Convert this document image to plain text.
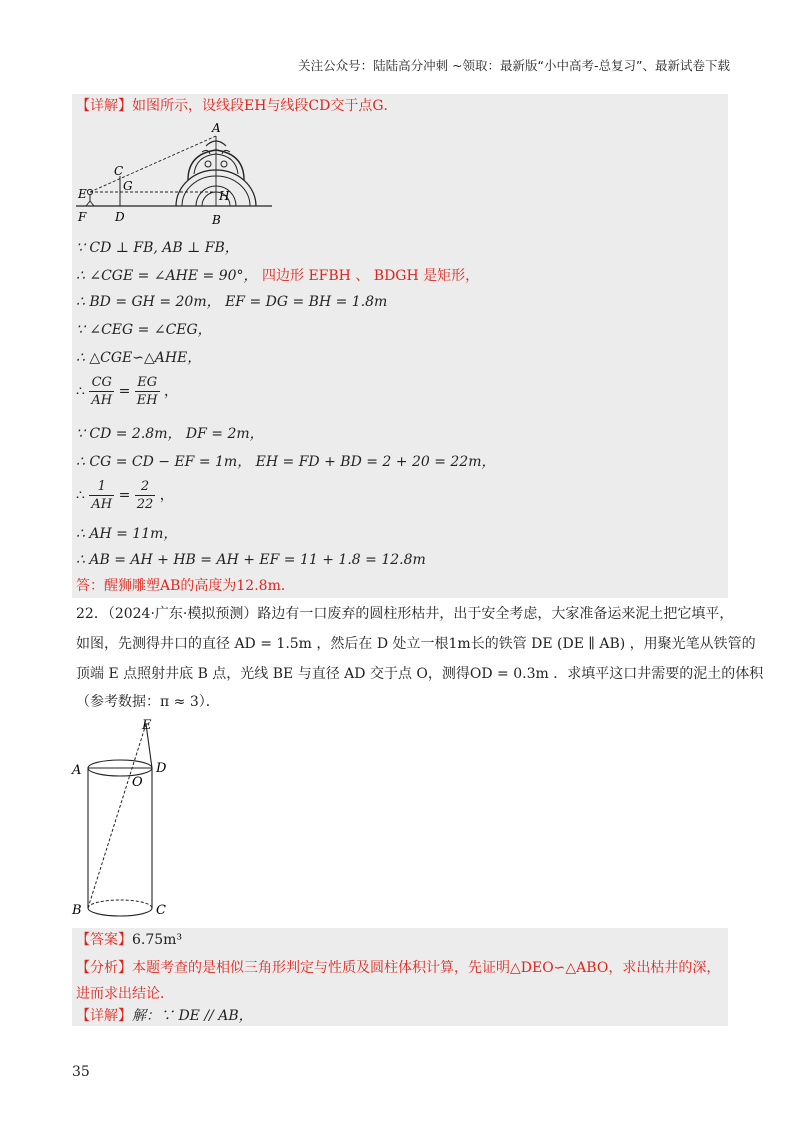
关注公众号：陆陆高分冲刺 ~领取：最新版“小中高考-总复习”、最新试卷下载
【详解】如图所示，设线段EH与线段CD交于点G．
A
C
G
E	H
F D	B
∵ CD ⊥ FB, AB ⊥ FB，
∴ ∠CGE = ∠AHE = 90°， 四边形 EFBH 、 BDGH 是矩形，
∴ BD = GH = 20m， EF = DG = BH = 1.8m
∵ ∠CEG = ∠CEG，
∴ △CGE∽△AHE，
∴ $\frac{CG}{AH} = \frac{EG}{EH}$ ，
∵ CD = 2.8m， DF = 2m，
∴ CG = CD − EF = 1m， EH = FD + BD = 2 + 20 = 22m，
∴ $\frac{1}{AH} = \frac{2}{22}$ ，
∴ AH = 11m，
∴ AB = AH + HB = AH + EF = 11 + 1.8 = 12.8m
答：醒狮雕塑AB的高度为12.8m．
22．（2024·广东·模拟预测）路边有一口废弃的圆柱形枯井，出于安全考虑，大家准备运来泥土把它填平，
如图，先测得井口的直径 AD = 1.5m ，然后在 D 处立一根1m长的铁管 DE (DE ∥ AB) ，用聚光笔从铁管的
顶端 E 点照射井底 B 点，光线 BE 与直径 AD 交于点 O，测得OD = 0.3m ．求填平这口井需要的泥土的体积
（参考数据：π ≈ 3）．
E
A	D
O
B	C
【答案】6.75m³
【分析】本题考查的是相似三角形判定与性质及圆柱体积计算，先证明△DEO∽△ABO，求出枯井的深，
进而求出结论．
【详解】解：∵ DE // AB，
35
